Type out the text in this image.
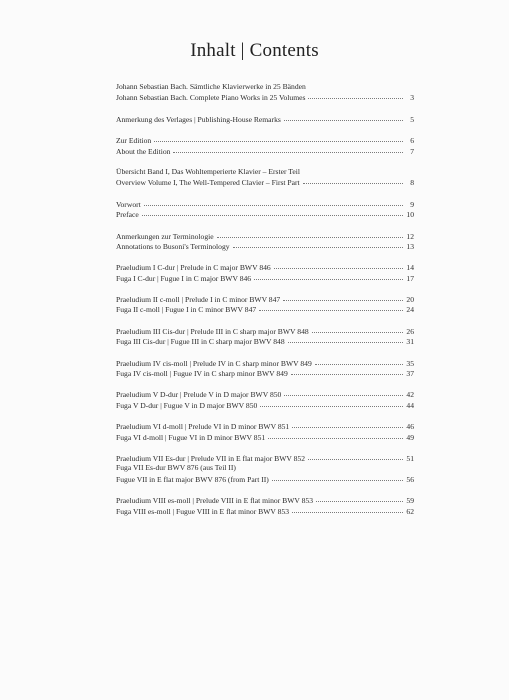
Inhalt | Contents
Johann Sebastian Bach. Sämtliche Klavierwerke in 25 Bänden
Johann Sebastian Bach. Complete Piano Works in 25 Volumes	3
Anmerkung des Verlages | Publishing-House Remarks	5
Zur Edition	6
About the Edition	7
Übersicht Band I, Das Wohltemperierte Klavier – Erster Teil
Overview Volume I, The Well-Tempered Clavier – First Part	8
Vorwort	9
Preface	10
Anmerkungen zur Terminologie	12
Annotations to Busoni's Terminology	13
Praeludium I C-dur | Prelude in C major BWV 846	14
Fuga I C-dur | Fugue I in C major BWV 846	17
Praeludium II c-moll | Prelude I in C minor BWV 847	20
Fuga II c-moll | Fugue I in C minor BWV 847	24
Praeludium III Cis-dur | Prelude III in C sharp major BWV 848	26
Fuga III Cis-dur | Fugue III in C sharp major BWV 848	31
Praeludium IV cis-moll | Prelude IV in C sharp minor BWV 849	35
Fuga IV cis-moll | Fugue IV in C sharp minor BWV 849	37
Praeludium V D-dur | Prelude V in D major BWV 850	42
Fuga V D-dur | Fugue V in D major BWV 850	44
Praeludium VI d-moll | Prelude VI in D minor BWV 851	46
Fuga VI d-moll | Fugue VI in D minor BWV 851	49
Praeludium VII Es-dur | Prelude VII in E flat major BWV 852	51
Fuga VII Es-dur BWV 876 (aus Teil II)
Fugue VII in E flat major BWV 876 (from Part II)	56
Praeludium VIII es-moll | Prelude VIII in E flat minor BWV 853	59
Fuga VIII es-moll | Fugue VIII in E flat minor BWV 853	62
